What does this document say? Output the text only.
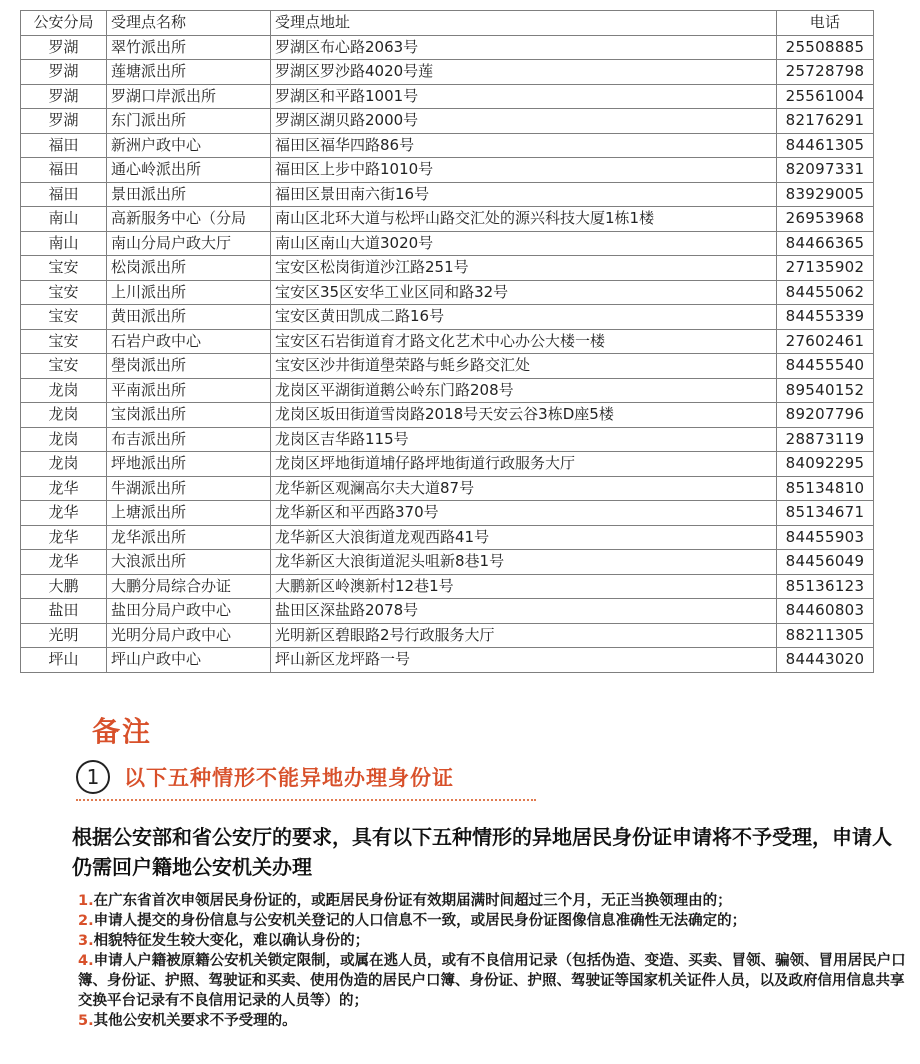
公安分局	受理点名称	受理点地址	电话
罗湖	翠竹派出所	罗湖区布心路2063号	25508885
罗湖	莲塘派出所	罗湖区罗沙路4020号莲	25728798
罗湖	罗湖口岸派出所	罗湖区和平路1001号	25561004
罗湖	东门派出所	罗湖区湖贝路2000号	82176291
福田	新洲户政中心	福田区福华四路86号	84461305
福田	通心岭派出所	福田区上步中路1010号	82097331
福田	景田派出所	福田区景田南六街16号	83929005
南山	高新服务中心（分局	南山区北环大道与松坪山路交汇处的源兴科技大厦1栋1楼	26953968
南山	南山分局户政大厅	南山区南山大道3020号	84466365
宝安	松岗派出所	宝安区松岗街道沙江路251号	27135902
宝安	上川派出所	宝安区35区安华工业区同和路32号	84455062
宝安	黄田派出所	宝安区黄田凯成二路16号	84455339
宝安	石岩户政中心	宝安区石岩街道育才路文化艺术中心办公大楼一楼	27602461
宝安	壆岗派出所	宝安区沙井街道壆荣路与蚝乡路交汇处	84455540
龙岗	平南派出所	龙岗区平湖街道鹅公岭东门路208号	89540152
龙岗	宝岗派出所	龙岗区坂田街道雪岗路2018号天安云谷3栋D座5楼	89207796
龙岗	布吉派出所	龙岗区吉华路115号	28873119
龙岗	坪地派出所	龙岗区坪地街道埔仔路坪地街道行政服务大厅	84092295
龙华	牛湖派出所	龙华新区观澜高尔夫大道87号	85134810
龙华	上塘派出所	龙华新区和平西路370号	85134671
龙华	龙华派出所	龙华新区大浪街道龙观西路41号	84455903
龙华	大浪派出所	龙华新区大浪街道泥头咀新8巷1号	84456049
大鹏	大鹏分局综合办证	大鹏新区岭澳新村12巷1号	85136123
盐田	盐田分局户政中心	盐田区深盐路2078号	84460803
光明	光明分局户政中心	光明新区碧眼路2号行政服务大厅	88211305
坪山	坪山户政中心	坪山新区龙坪路一号	84443020
备注
1	以下五种情形不能异地办理身份证
根据公安部和省公安厅的要求，具有以下五种情形的异地居民身份证申请将不予受理，申请人仍需回户籍地公安机关办理
1.在广东省首次申领居民身份证的，或距居民身份证有效期届满时间超过三个月，无正当换领理由的；
2.申请人提交的身份信息与公安机关登记的人口信息不一致，或居民身份证图像信息准确性无法确定的；
3.相貌特征发生较大变化，难以确认身份的；
4.申请人户籍被原籍公安机关锁定限制，或属在逃人员，或有不良信用记录（包括伪造、变造、买卖、冒领、骗领、冒用居民户口簿、身份证、护照、驾驶证和买卖、使用伪造的居民户口簿、身份证、护照、驾驶证等国家机关证件人员，以及政府信用信息共享交换平台记录有不良信用记录的人员等）的；
5.其他公安机关要求不予受理的。
